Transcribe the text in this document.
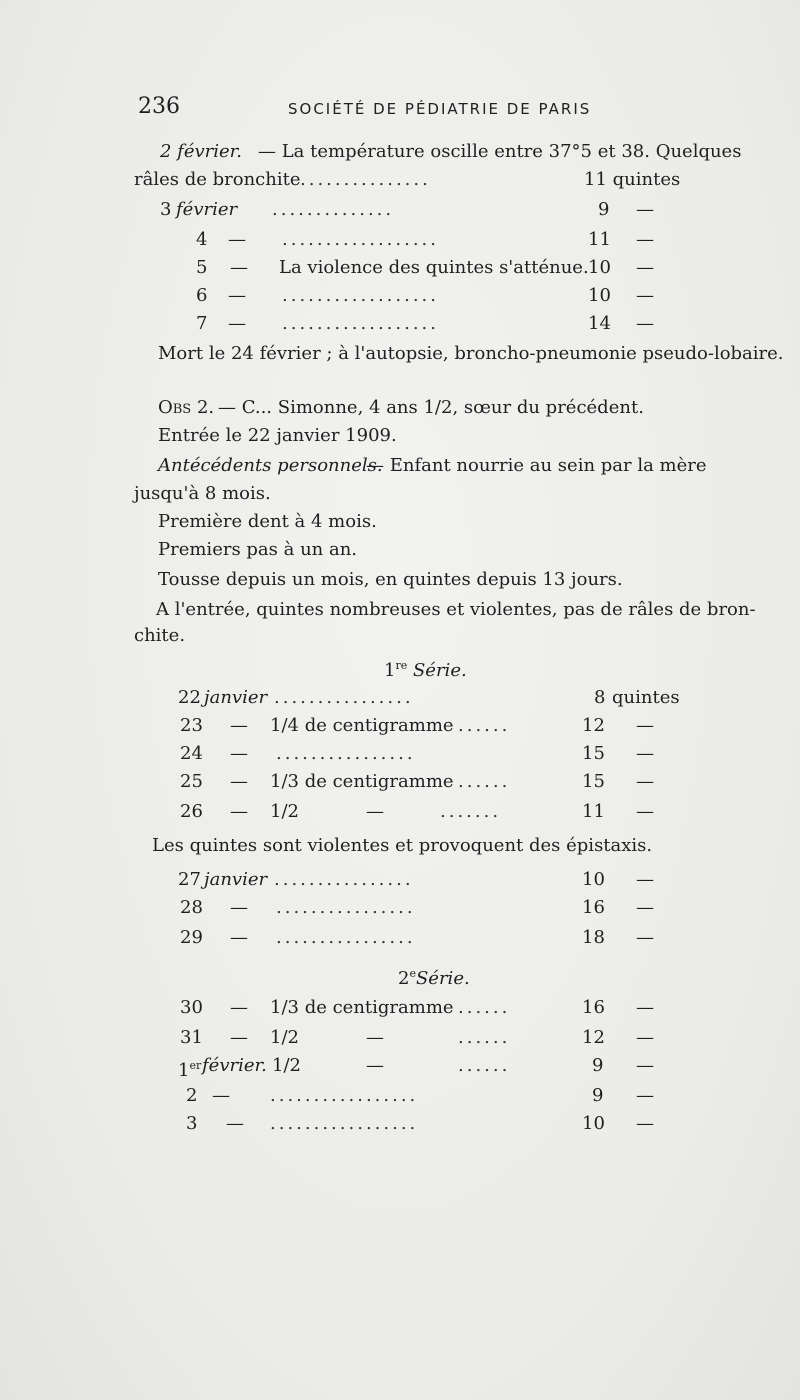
236	SOCIÉTÉ DE PÉDIATRIE DE PARIS
2 février. — La température oscille entre 37°5 et 38. Quelques
râles de bronchite ...............	11 quintes
3 février ..............	9 —
4 — ..................	11 —
5 — La violence des quintes s'atténue. 10 —
6 — ..................	10 —
7 — ..................	14 —
Mort le 24 février ; à l'autopsie, broncho-pneumonie pseudo-lobaire.
Obs 2. — C... Simonne, 4 ans 1/2, sœur du précédent.
Entrée le 22 janvier 1909.
Antécédents personnels.
— Enfant nourrie au sein par la mère
jusqu'à 8 mois.
Première dent à 4 mois.
Premiers pas à un an.
Tousse depuis un mois, en quintes depuis 13 jours.
A l'entrée, quintes nombreuses et violentes, pas de râles de bron-
chite.
1re Série.
22 janvier ................	8 quintes
23 — 1/4 de centigramme ......	12 —
24 — ................	15 —
25 — 1/3 de centigramme ......	15 —
26 — 1/2	—	.......	11 —
Les quintes sont violentes et provoquent des épistaxis.
27 janvier ................	10 —
28 — ................	16 —
29 — ................	18 —
2eSérie.
30 — 1/3 de centigramme ......	16 —
31 — 1/2	—	......	12 —
1er février. 1/2	—	......	9 —
2 — .................	9 —
3 — .................	10 —
